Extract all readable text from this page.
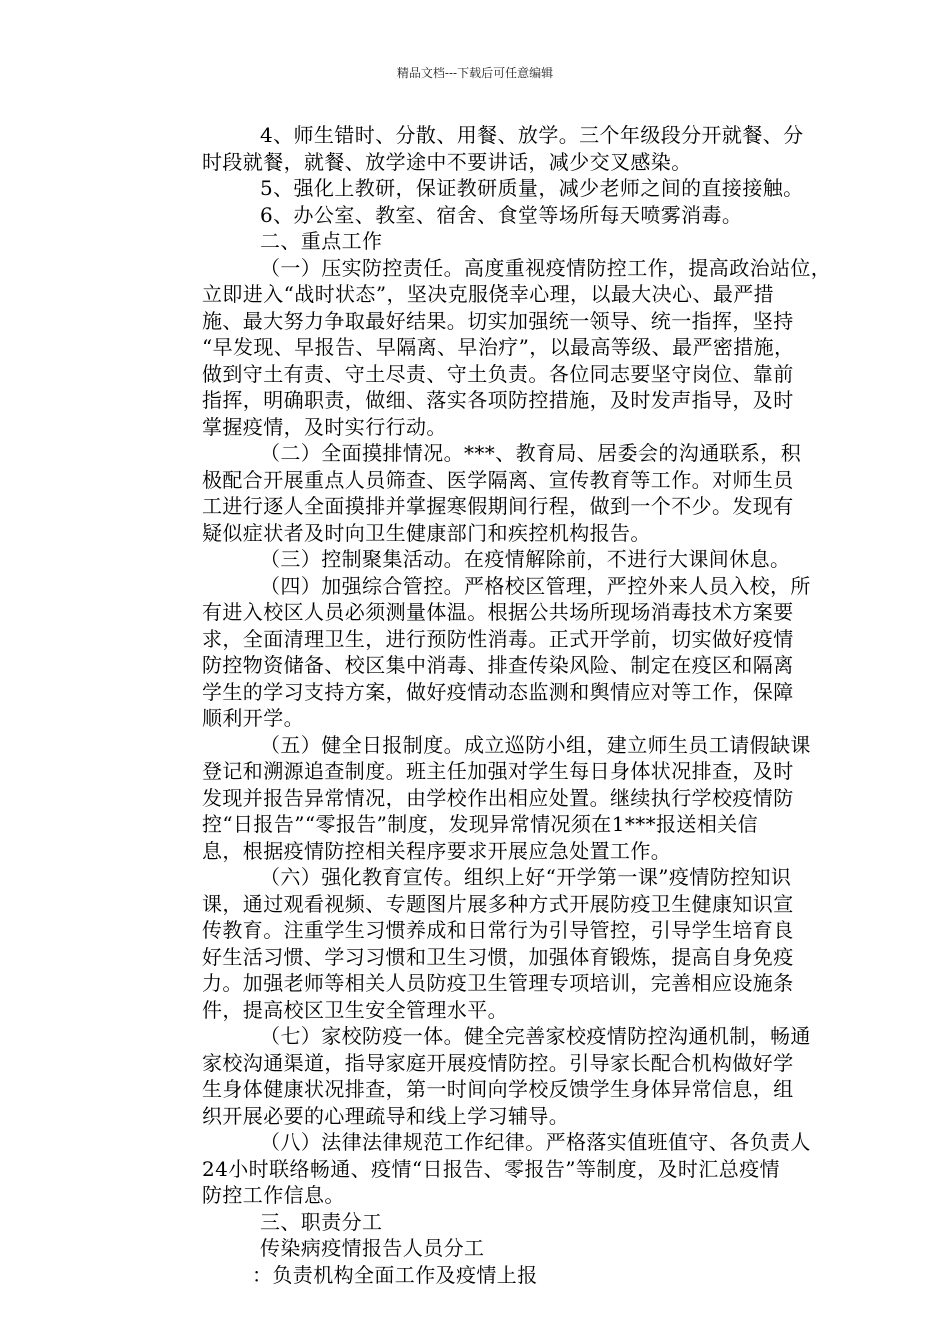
精品文档---下载后可任意编辑
4、师生错时、分散、用餐、放学。三个年级段分开就餐、分
时段就餐，就餐、放学途中不要讲话，减少交叉感染。
5、强化上教研，保证教研质量，减少老师之间的直接接触。
6、办公室、教室、宿舍、食堂等场所每天喷雾消毒。
二、重点工作
（一）压实防控责任。高度重视疫情防控工作，提高政治站位，
立即进入“战时状态”，坚决克服侥幸心理，以最大决心、最严措
施、最大努力争取最好结果。切实加强统一领导、统一指挥，坚持
“早发现、早报告、早隔离、早治疗”，以最高等级、最严密措施，
做到守土有责、守土尽责、守土负责。各位同志要坚守岗位、靠前
指挥，明确职责，做细、落实各项防控措施，及时发声指导，及时
掌握疫情，及时实行行动。
（二）全面摸排情况。***、教育局、居委会的沟通联系，积
极配合开展重点人员筛查、医学隔离、宣传教育等工作。对师生员
工进行逐人全面摸排并掌握寒假期间行程，做到一个不少。发现有
疑似症状者及时向卫生健康部门和疾控机构报告。
（三）控制聚集活动。在疫情解除前，不进行大课间休息。
（四）加强综合管控。严格校区管理，严控外来人员入校，所
有进入校区人员必须测量体温。根据公共场所现场消毒技术方案要
求，全面清理卫生，进行预防性消毒。正式开学前，切实做好疫情
防控物资储备、校区集中消毒、排查传染风险、制定在疫区和隔离
学生的学习支持方案，做好疫情动态监测和舆情应对等工作，保障
顺利开学。
（五）健全日报制度。成立巡防小组，建立师生员工请假缺课
登记和溯源追查制度。班主任加强对学生每日身体状况排查，及时
发现并报告异常情况，由学校作出相应处置。继续执行学校疫情防
控“日报告”“零报告”制度，发现异常情况须在1***报送相关信
息，根据疫情防控相关程序要求开展应急处置工作。
（六）强化教育宣传。组织上好“开学第一课”疫情防控知识
课，通过观看视频、专题图片展多种方式开展防疫卫生健康知识宣
传教育。注重学生习惯养成和日常行为引导管控，引导学生培育良
好生活习惯、学习习惯和卫生习惯，加强体育锻炼，提高自身免疫
力。加强老师等相关人员防疫卫生管理专项培训，完善相应设施条
件，提高校区卫生安全管理水平。
（七）家校防疫一体。健全完善家校疫情防控沟通机制，畅通
家校沟通渠道，指导家庭开展疫情防控。引导家长配合机构做好学
生身体健康状况排查，第一时间向学校反馈学生身体异常信息，组
织开展必要的心理疏导和线上学习辅导。
（八）法律法律规范工作纪律。严格落实值班值守、各负责人
24小时联络畅通、疫情“日报告、零报告”等制度，及时汇总疫情
防控工作信息。
三、职责分工
传染病疫情报告人员分工
：负责机构全面工作及疫情上报
